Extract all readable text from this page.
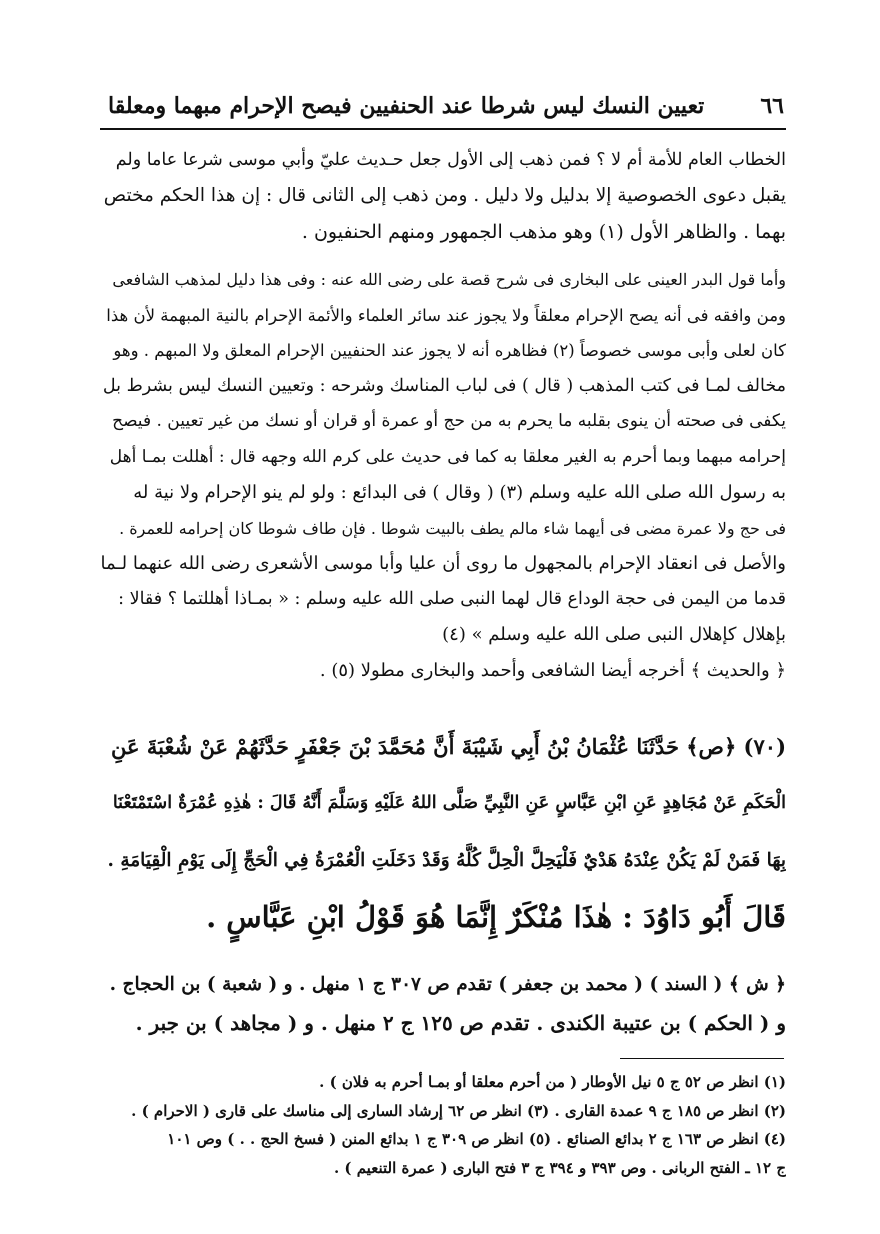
٦٦
تعيين النسك ليس شرطا عند الحنفيين فيصح الإحرام مبهما ومعلقا
الخطاب العام للأمة أم لا ؟ فمن ذهب إلى الأول جعل حـديث عليّ وأبي موسى شرعا عاما ولم
يقبل دعوى الخصوصية إلا بدليل ولا دليل . ومن ذهب إلى الثانى قال : إن هذا الحكم مختص
بهما . والظاهر الأول (١) وهو مذهب الجمهور ومنهم الحنفيون .
وأما قول البدر العينى على البخارى فى شرح قصة على رضى الله عنه : وفى هذا دليل لمذهب الشافعى
ومن وافقه فى أنه يصح الإحرام معلقاً ولا يجوز عند سائر العلماء والأئمة الإحرام بالنية المبهمة لأن هذا
كان لعلى وأبى موسى خصوصاً (٢) فظاهره أنه لا يجوز عند الحنفيين الإحرام المعلق ولا المبهم . وهو
مخالف لمـا فى كتب المذهب ( قال ) فى لباب المناسك وشرحه : وتعيين النسك ليس بشرط بل
يكفى فى صحته أن ينوى بقلبه ما يحرم به من حج أو عمرة أو قران أو نسك من غير تعيين . فيصح
إحرامه مبهما وبما أحرم به الغير معلقا به كما فى حديث على كرم الله وجهه قال : أهللت بمـا أهل
به رسول الله صلى الله عليه وسلم (٣) ( وقال ) فى البدائع : ولو لم ينو الإحرام ولا نية له
فى حج ولا عمرة مضى فى أيهما شاء مالم يطف بالبيت شوطا . فإن طاف شوطا كان إحرامه للعمرة .
والأصل فى انعقاد الإحرام بالمجهول ما روى أن عليا وأبا موسى الأشعرى رضى الله عنهما لـما
قدما من اليمن فى حجة الوداع قال لهما النبى صلى الله عليه وسلم : « بمـاذا أهللتما ؟ فقالا :
بإهلال كإهلال النبى صلى الله عليه وسلم » (٤)
﴿ والحديث ﴾ أخرجه أيضا الشافعى وأحمد والبخارى مطولا (٥) .
(٧٠) ﴿ص﴾ حَدَّثَنَا عُثْمَانُ بْنُ أَبِي شَيْبَةَ أَنَّ مُحَمَّدَ بْنَ جَعْفَرٍ حَدَّثَهُمْ عَنْ شُعْبَةَ عَنِ
الْحَكَمِ عَنْ مُجَاهِدٍ عَنِ ابْنِ عَبَّاسٍ عَنِ النَّبِيِّ صَلَّى اللهُ عَلَيْهِ وَسَلَّمَ أَنَّهُ قَالَ : هٰذِهِ عُمْرَةٌ اسْتَمْتَعْنَا
بِهَا فَمَنْ لَمْ يَكُنْ عِنْدَهُ هَدْيٌ فَلْيَحِلَّ الْحِلَّ كُلَّهُ وَقَدْ دَخَلَتِ الْعُمْرَةُ فِي الْحَجِّ إِلَى يَوْمِ الْقِيَامَةِ .
قَالَ أَبُو دَاوُدَ : هٰذَا مُنْكَرٌ إِنَّمَا هُوَ قَوْلُ ابْنِ عَبَّاسٍ .
﴿ ش ﴾ ( السند ) ( محمد بن جعفر ) تقدم ص ٣٠٧ ج ١ منهل . و ( شعبة ) بن الحجاج .
و ( الحكم ) بن عتيبة الكندى . تقدم ص ١٢٥ ج ٢ منهل . و ( مجاهد ) بن جبر .
(١) انظر ص ٥٢ ج ٥ نيل الأوطار ( من أحرم معلقا أو بمـا أحرم به فلان ) .
(٢) انظر ص ١٨٥ ج ٩ عمدة القارى . (٣) انظر ص ٦٢ إرشاد السارى إلى مناسك على قارى ( الاحرام ) .
(٤) انظر ص ١٦٣ ج ٢ بدائع الصنائع . (٥) انظر ص ٣٠٩ ج ١ بدائع المنن ( فسخ الحج . . ) وص ١٠١
ج ١٢ ـ الفتح الربانى . وص ٣٩٣ و ٣٩٤ ج ٣ فتح البارى ( عمرة التنعيم ) .
